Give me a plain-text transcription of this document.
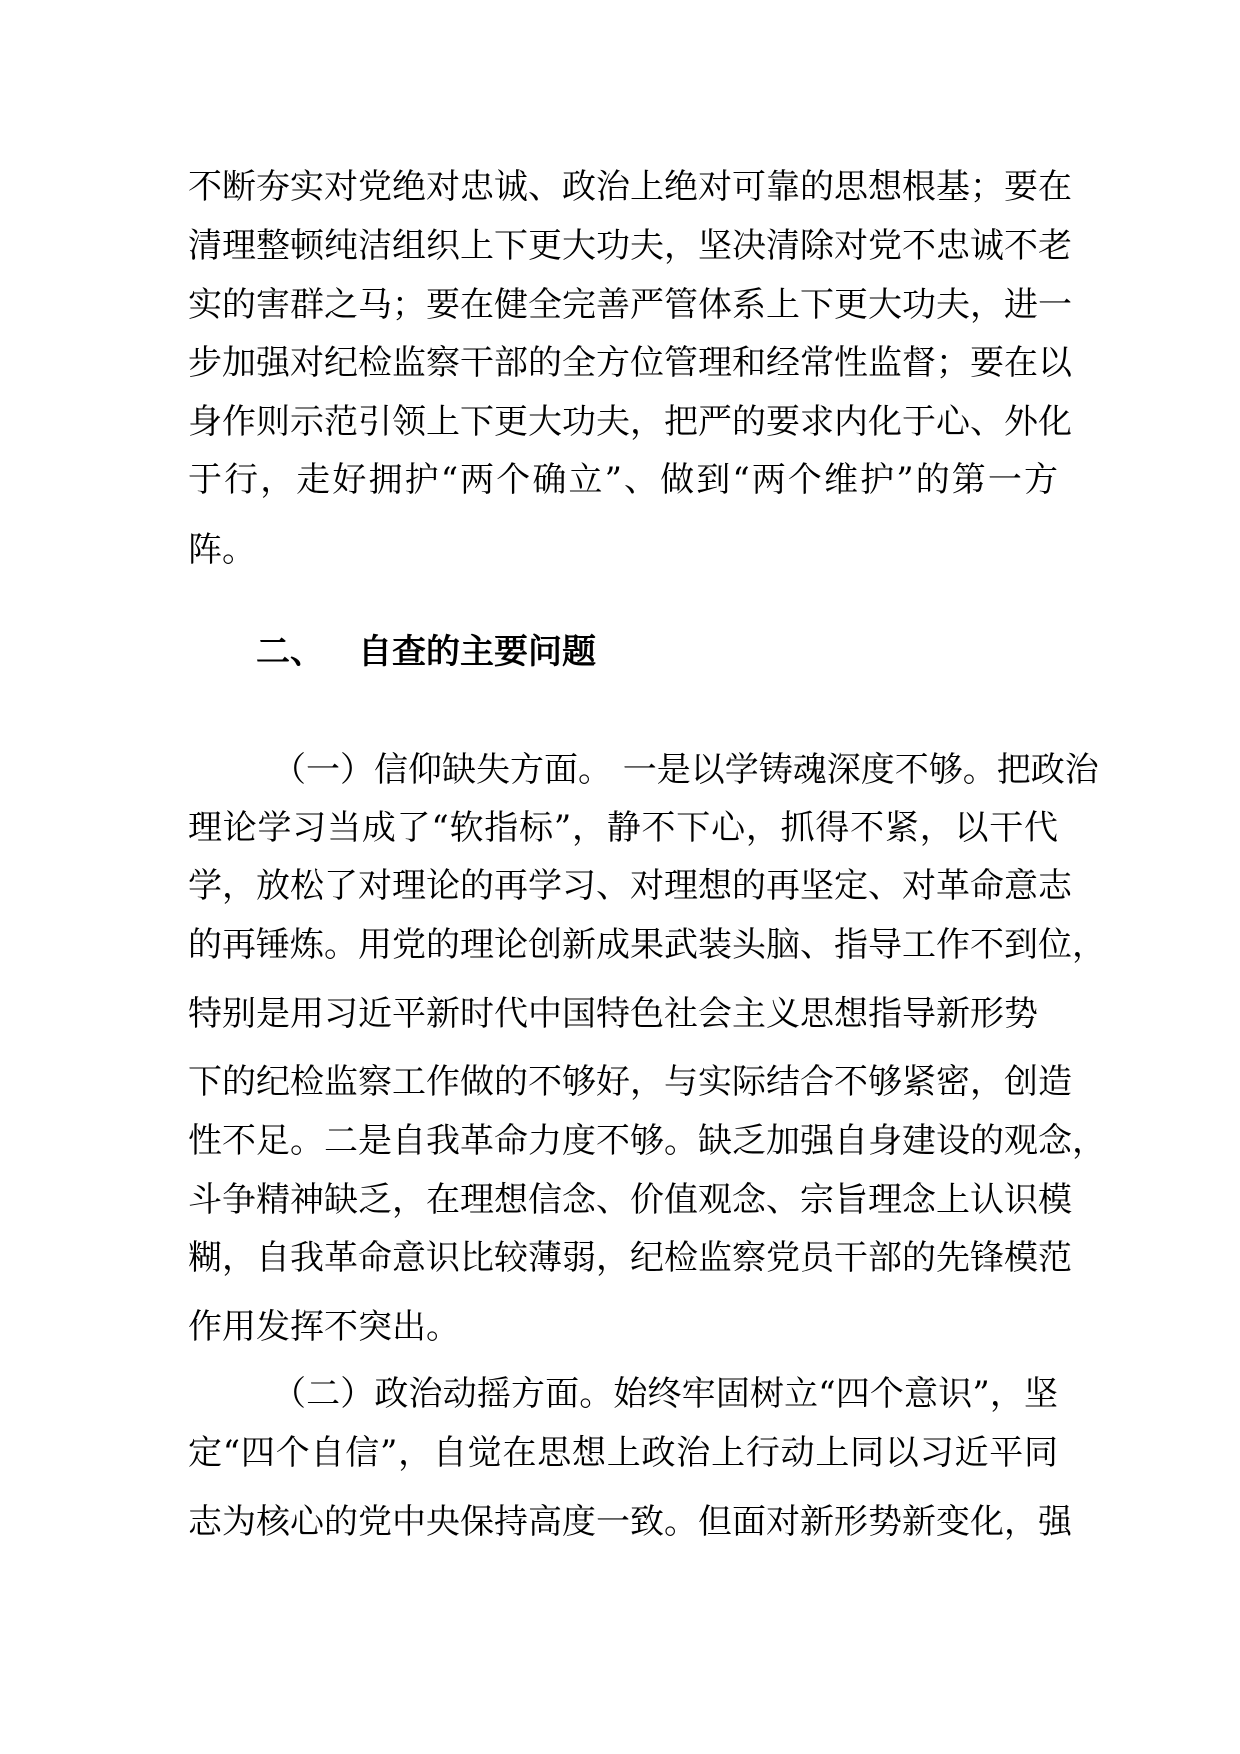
不断夯实对党绝对忠诚、政治上绝对可靠的思想根基；要在
清理整顿纯洁组织上下更大功夫，坚决清除对党不忠诚不老
实的害群之马；要在健全完善严管体系上下更大功夫，进一
步加强对纪检监察干部的全方位管理和经常性监督；要在以
身作则示范引领上下更大功夫，把严的要求内化于心、外化
于行，走好拥护“两个确立”、做到“两个维护”的第一方
阵。
二、 自查的主要问题
（一）信仰缺失方面。 一是以学铸魂深度不够。把政治
理论学习当成了“软指标”，静不下心，抓得不紧，以干代
学，放松了对理论的再学习、对理想的再坚定、对革命意志
的再锤炼。用党的理论创新成果武装头脑、指导工作不到位，
特别是用习近平新时代中国特色社会主义思想指导新形势
下的纪检监察工作做的不够好，与实际结合不够紧密，创造
性不足。二是自我革命力度不够。缺乏加强自身建设的观念，
斗争精神缺乏，在理想信念、价值观念、宗旨理念上认识模
糊，自我革命意识比较薄弱，纪检监察党员干部的先锋模范
作用发挥不突出。
（二）政治动摇方面。始终牢固树立“四个意识”，坚
定“四个自信”，自觉在思想上政治上行动上同以习近平同
志为核心的党中央保持高度一致。但面对新形势新变化，强
